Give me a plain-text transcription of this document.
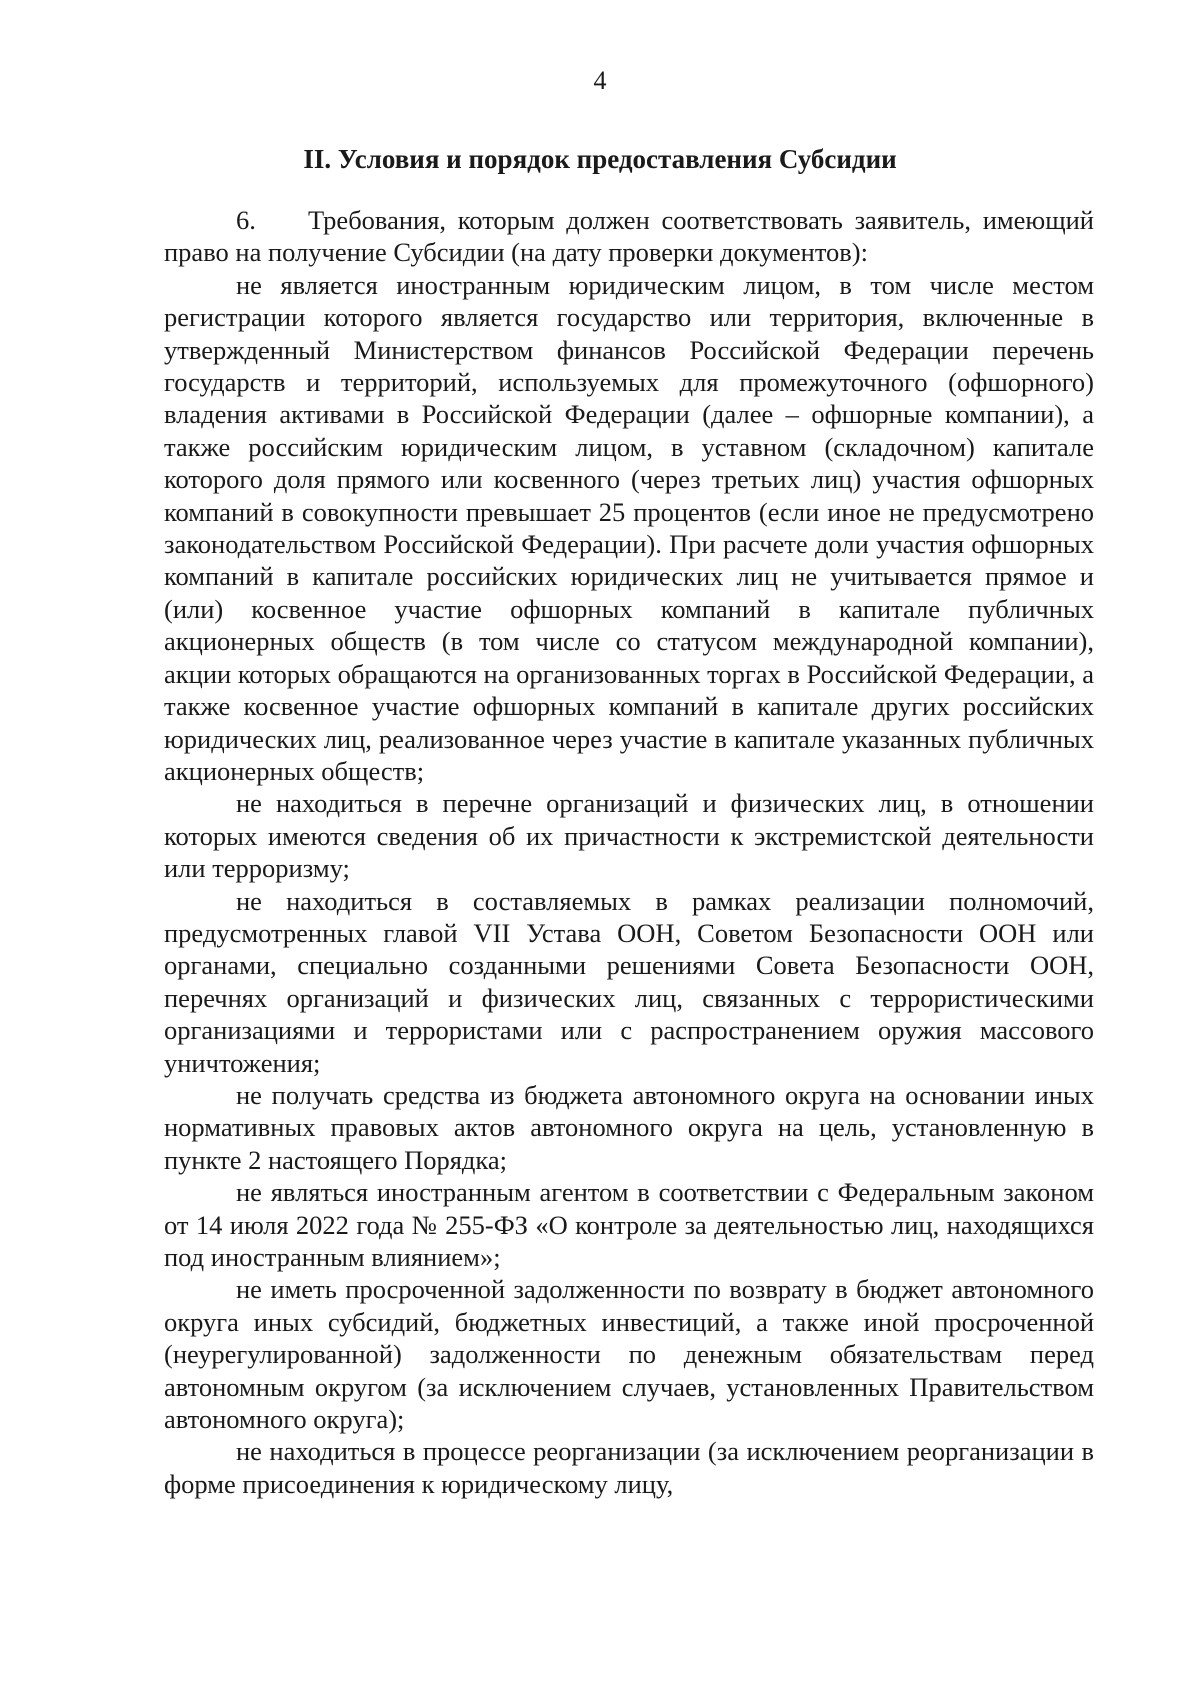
4
II. Условия и порядок предоставления Субсидии

6. Требования, которым должен соответствовать заявитель, имеющий право на получение Субсидии (на дату проверки документов):

не является иностранным юридическим лицом, в том числе местом регистрации которого является государство или территория, включенные в утвержденный Министерством финансов Российской Федерации перечень государств и территорий, используемых для промежуточного (офшорного) владения активами в Российской Федерации (далее – офшорные компании), а также российским юридическим лицом, в уставном (складочном) капитале которого доля прямого или косвенного (через третьих лиц) участия офшорных компаний в совокупности превышает 25 процентов (если иное не предусмотрено законодательством Российской Федерации). При расчете доли участия офшорных компаний в капитале российских юридических лиц не учитывается прямое и (или) косвенное участие офшорных компаний в капитале публичных акционерных обществ (в том числе со статусом международной компании), акции которых обращаются на организованных торгах в Российской Федерации, а также косвенное участие офшорных компаний в капитале других российских юридических лиц, реализованное через участие в капитале указанных публичных акционерных обществ;

не находиться в перечне организаций и физических лиц, в отношении которых имеются сведения об их причастности к экстремистской деятельности или терроризму;

не находиться в составляемых в рамках реализации полномочий, предусмотренных главой VII Устава ООН, Советом Безопасности ООН или органами, специально созданными решениями Совета Безопасности ООН, перечнях организаций и физических лиц, связанных с террористическими организациями и террористами или с распространением оружия массового уничтожения;

не получать средства из бюджета автономного округа на основании иных нормативных правовых актов автономного округа на цель, установленную в пункте 2 настоящего Порядка;

не являться иностранным агентом в соответствии с Федеральным законом от 14 июля 2022 года № 255-ФЗ «О контроле за деятельностью лиц, находящихся под иностранным влиянием»;

не иметь просроченной задолженности по возврату в бюджет автономного округа иных субсидий, бюджетных инвестиций, а также иной просроченной (неурегулированной) задолженности по денежным обязательствам перед автономным округом (за исключением случаев, установленных Правительством автономного округа);

не находиться в процессе реорганизации (за исключением реорганизации в форме присоединения к юридическому лицу,
